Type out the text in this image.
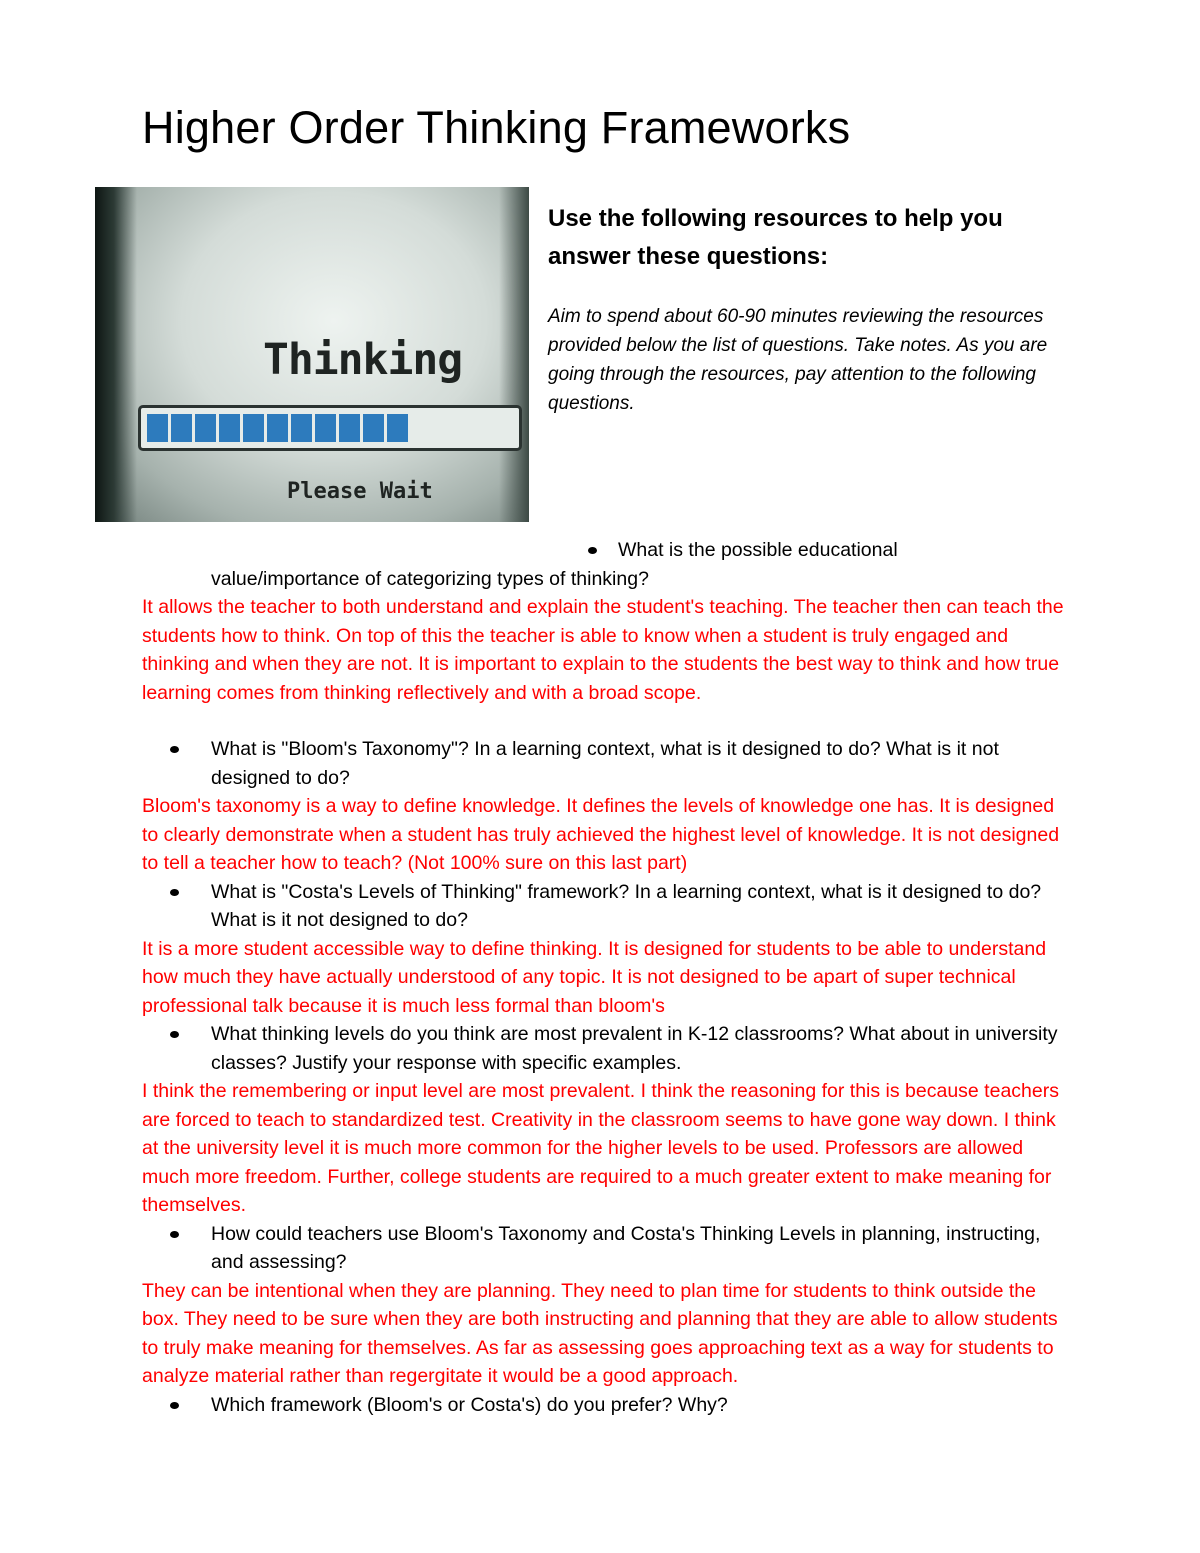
Higher Order Thinking Frameworks
Thinking
Please Wait

Use the following resources to help you answer these questions:

Aim to spend about 60-90 minutes reviewing the resources provided below the list of questions. Take notes. As you are going through the resources, pay attention to the following questions.

What is the possible educational
value/importance of categorizing types of thinking?

It allows the teacher to both understand and explain the student's teaching. The teacher then can teach the students how to think. On top of this the teacher is able to know when a student is truly engaged and thinking and when they are not. It is important to explain to the students the best way to think and how true learning comes from thinking reflectively and with a broad scope.

What is "Bloom's Taxonomy"? In a learning context, what is it designed to do? What is it not designed to do?

Bloom's taxonomy is a way to define knowledge. It defines the levels of knowledge one has. It is designed to clearly demonstrate when a student has truly achieved the highest level of knowledge. It is not designed to tell a teacher how to teach? (Not 100% sure on this last part)

What is "Costa's Levels of Thinking" framework? In a learning context, what is it designed to do? What is it not designed to do?

It is a more student accessible way to define thinking. It is designed for students to be able to understand how much they have actually understood of any topic. It is not designed to be apart of super technical professional talk because it is much less formal than bloom's

What thinking levels do you think are most prevalent in K-12 classrooms? What about in university classes? Justify your response with specific examples.

I think the remembering or input level are most prevalent. I think the reasoning for this is because teachers are forced to teach to standardized test. Creativity in the classroom seems to have gone way down. I think at the university level it is much more common for the higher levels to be used. Professors are allowed much more freedom. Further, college students are required to a much greater extent to make meaning for themselves.

How could teachers use Bloom's Taxonomy and Costa's Thinking Levels in planning, instructing, and assessing?

They can be intentional when they are planning. They need to plan time for students to think outside the box. They need to be sure when they are both instructing and planning that they are able to allow students to truly make meaning for themselves. As far as assessing goes approaching text as a way for students to analyze material rather than regergitate it would be a good approach.

Which framework (Bloom's or Costa's) do you prefer? Why?
